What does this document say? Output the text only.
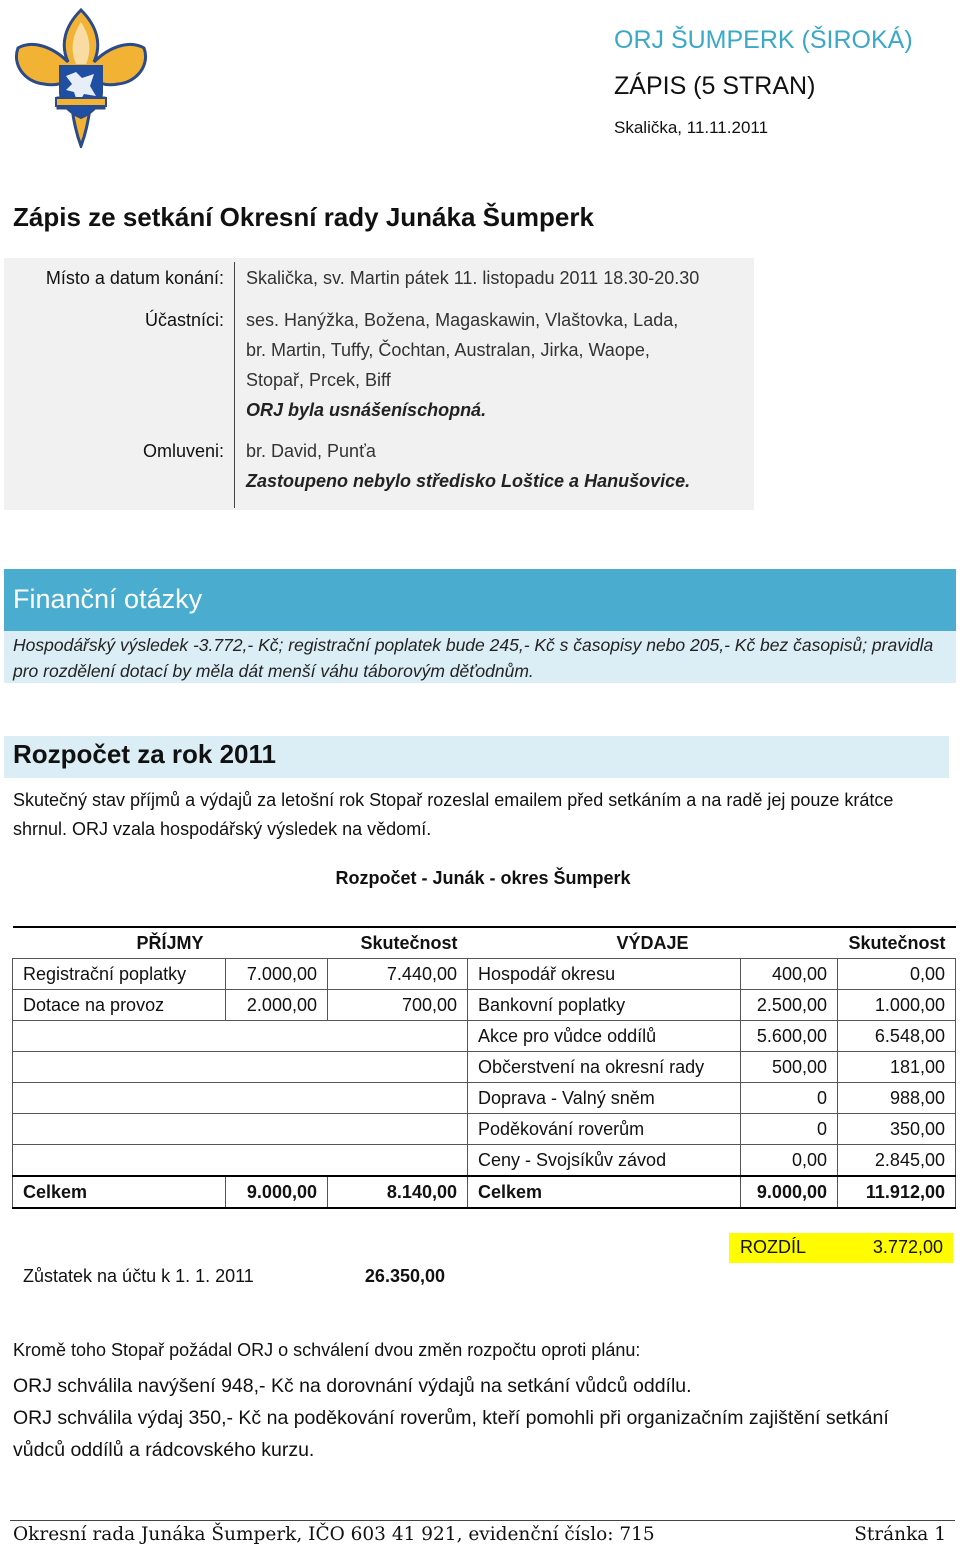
ORJ ŠUMPERK (ŠIROKÁ)
ZÁPIS (5 STRAN)
Skalička, 11.11.2011
Zápis ze setkání Okresní rady Junáka Šumperk
Místo a datum konání: Skalička, sv. Martin pátek 11. listopadu 2011 18.30-20.30
Účastníci: ses. Hanýžka, Božena, Magaskawin, Vlaštovka, Lada,
br. Martin, Tuffy, Čochtan, Australan, Jirka, Waope,
Stopař, Prcek, Biff
ORJ byla usnášeníschopná.
Omluveni: br. David, Punťa
Zastoupeno nebylo středisko Loštice a Hanušovice.
Finanční otázky
Hospodářský výsledek -3.772,- Kč; registrační poplatek bude 245,- Kč s časopisy nebo 205,- Kč bez časopisů; pravidla pro rozdělení dotací by měla dát menší váhu táborovým děťodnům.
Rozpočet za rok 2011
Skutečný stav příjmů a výdajů za letošní rok Stopař rozeslal emailem před setkáním a na radě jej pouze krátce shrnul. ORJ vzala hospodářský výsledek na vědomí.
Rozpočet - Junák - okres Šumperk
PŘÍJMY		Skutečnost	VÝDAJE		Skutečnost
Registrační poplatky	7.000,00	7.440,00	Hospodář okresu	400,00	0,00
Dotace na provoz	2.000,00	700,00	Bankovní poplatky	2.500,00	1.000,00
			Akce pro vůdce oddílů	5.600,00	6.548,00
			Občerstvení na okresní rady	500,00	181,00
			Doprava - Valný sněm	0	988,00
			Poděkování roverům	0	350,00
			Ceny - Svojsíkův závod	0,00	2.845,00
Celkem	9.000,00	8.140,00	Celkem	9.000,00	11.912,00
ROZDÍL	3.772,00
Zůstatek na účtu k 1. 1. 2011	26.350,00
Kromě toho Stopař požádal ORJ o schválení dvou změn rozpočtu oproti plánu:
ORJ schválila navýšení 948,- Kč na dorovnání výdajů na setkání vůdců oddílu.
ORJ schválila výdaj 350,- Kč na poděkování roverům, kteří pomohli při organizačním zajištění setkání vůdců oddílů a rádcovského kurzu.
Okresní rada Junáka Šumperk, IČO 603 41 921, evidenční číslo: 715	Stránka 1
